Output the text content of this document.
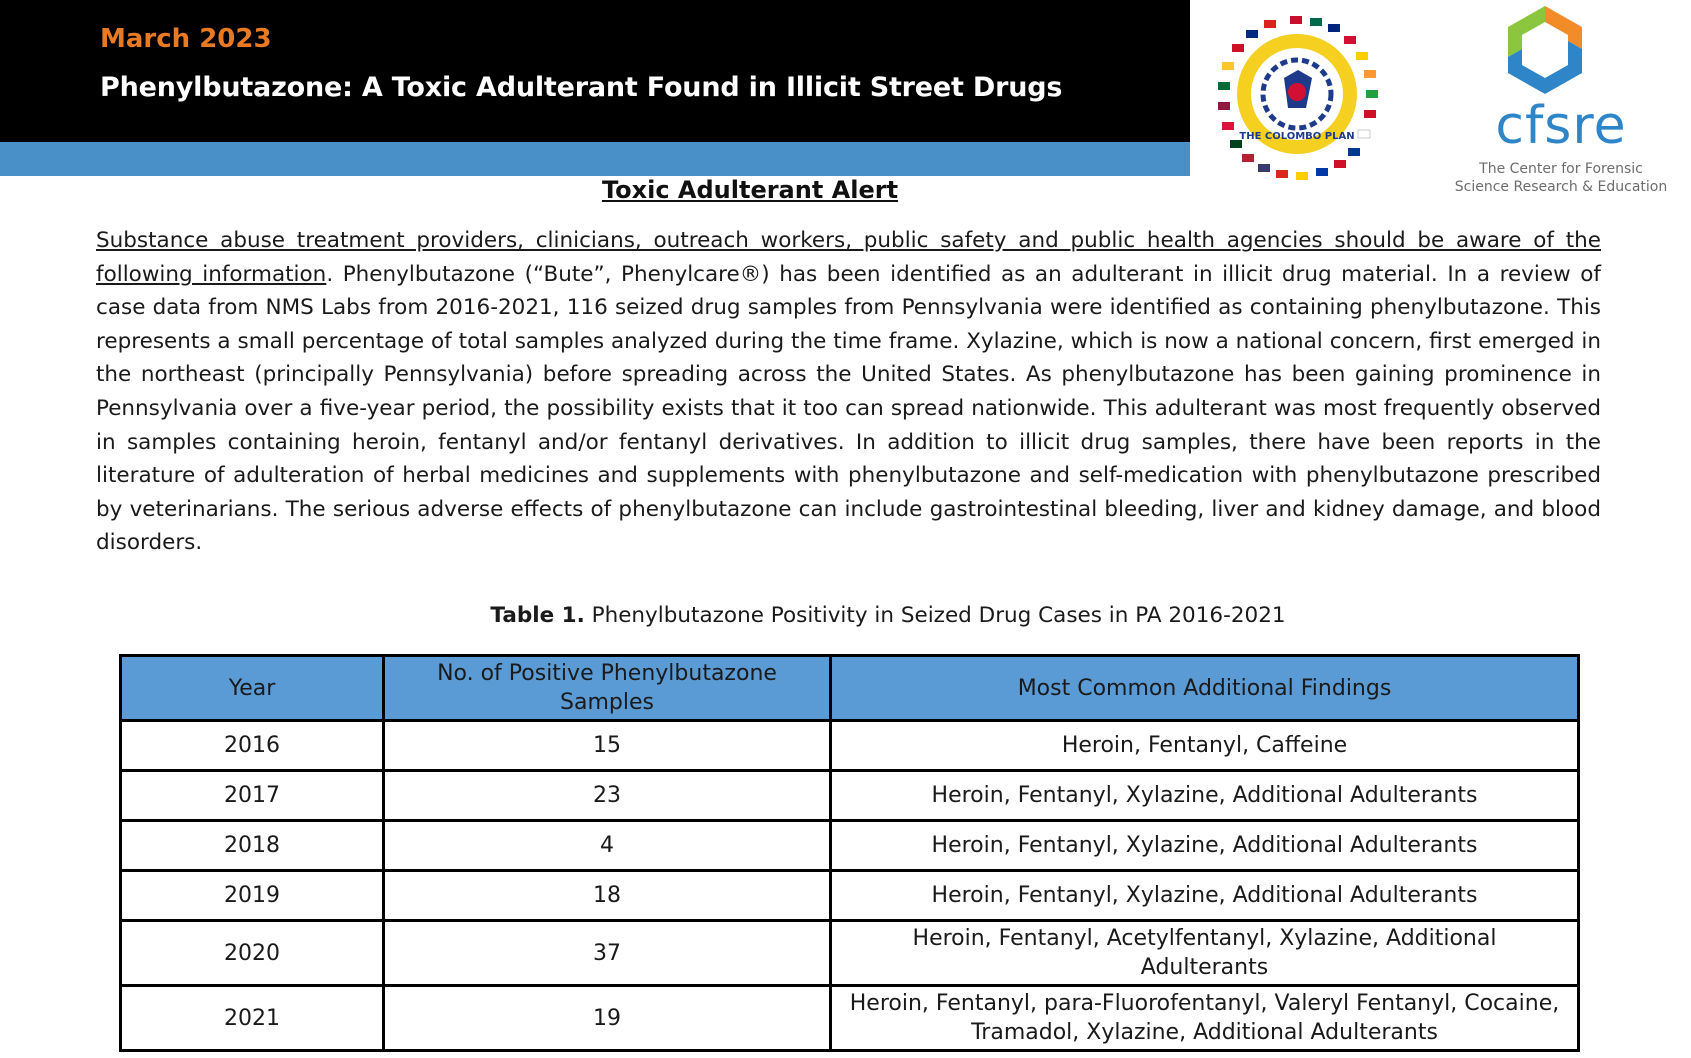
March 2023
Phenylbutazone: A Toxic Adulterant Found in Illicit Street Drugs
THE COLOMBO PLAN	cfsre
The Center for Forensic
Science Research & Education
Toxic Adulterant Alert

Substance abuse treatment providers, clinicians, outreach workers, public safety and public health agencies should be aware of the following information. Phenylbutazone (“Bute”, Phenylcare®) has been identified as an adulterant in illicit drug material. In a review of case data from NMS Labs from 2016-2021, 116 seized drug samples from Pennsylvania were identified as containing phenylbutazone. This represents a small percentage of total samples analyzed during the time frame. Xylazine, which is now a national concern, first emerged in the northeast (principally Pennsylvania) before spreading across the United States. As phenylbutazone has been gaining prominence in Pennsylvania over a five-year period, the possibility exists that it too can spread nationwide. This adulterant was most frequently observed in samples containing heroin, fentanyl and/or fentanyl derivatives. In addition to illicit drug samples, there have been reports in the literature of adulteration of herbal medicines and supplements with phenylbutazone and self-medication with phenylbutazone prescribed by veterinarians. The serious adverse effects of phenylbutazone can include gastrointestinal bleeding, liver and kidney damage, and blood disorders.

Table 1. Phenylbutazone Positivity in Seized Drug Cases in PA 2016-2021
Year	No. of Positive Phenylbutazone Samples	Most Common Additional Findings
2016	15	Heroin, Fentanyl, Caffeine
2017	23	Heroin, Fentanyl, Xylazine, Additional Adulterants
2018	4	Heroin, Fentanyl, Xylazine, Additional Adulterants
2019	18	Heroin, Fentanyl, Xylazine, Additional Adulterants
2020	37	Heroin, Fentanyl, Acetylfentanyl, Xylazine, Additional Adulterants
2021	19	Heroin, Fentanyl, para-Fluorofentanyl, Valeryl Fentanyl, Cocaine, Tramadol, Xylazine, Additional Adulterants
